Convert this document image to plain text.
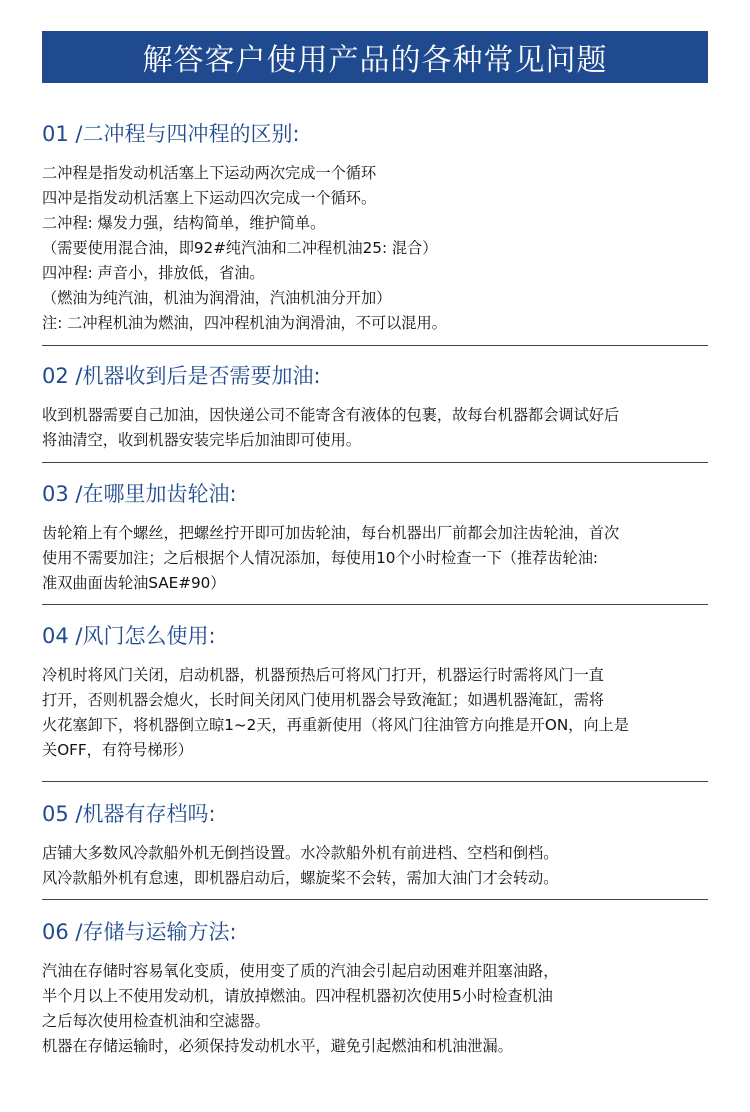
解答客户使用产品的各种常见问题
01 /二冲程与四冲程的区别:
二冲程是指发动机活塞上下运动两次完成一个循环
四冲是指发动机活塞上下运动四次完成一个循环。
二冲程: 爆发力强，结构简单，维护简单。
（需要使用混合油，即92#纯汽油和二冲程机油25: 混合）
四冲程: 声音小，排放低，省油。
（燃油为纯汽油，机油为润滑油，汽油机油分开加）
注: 二冲程机油为燃油，四冲程机油为润滑油，不可以混用。
02 /机器收到后是否需要加油:
收到机器需要自己加油，因快递公司不能寄含有液体的包裹，故每台机器都会调试好后
将油清空，收到机器安装完毕后加油即可使用。
03 /在哪里加齿轮油:
齿轮箱上有个螺丝，把螺丝拧开即可加齿轮油，每台机器出厂前都会加注齿轮油，首次
使用不需要加注；之后根据个人情况添加，每使用10个小时检查一下（推荐齿轮油:
准双曲面齿轮油SAE#90）
04 /风门怎么使用:
冷机时将风门关闭，启动机器，机器预热后可将风门打开，机器运行时需将风门一直
打开，否则机器会熄火，长时间关闭风门使用机器会导致淹缸；如遇机器淹缸，需将
火花塞卸下，将机器倒立晾1~2天，再重新使用（将风门往油管方向推是开ON，向上是
关OFF，有符号梯形）
05 /机器有存档吗:
店铺大多数风冷款船外机无倒挡设置。水冷款船外机有前进档、空档和倒档。
风冷款船外机有怠速，即机器启动后，螺旋桨不会转，需加大油门才会转动。
06 /存储与运输方法:
汽油在存储时容易氧化变质，使用变了质的汽油会引起启动困难并阻塞油路，
半个月以上不使用发动机，请放掉燃油。四冲程机器初次使用5小时检查机油
之后每次使用检查机油和空滤器。
机器在存储运输时，必须保持发动机水平，避免引起燃油和机油泄漏。
